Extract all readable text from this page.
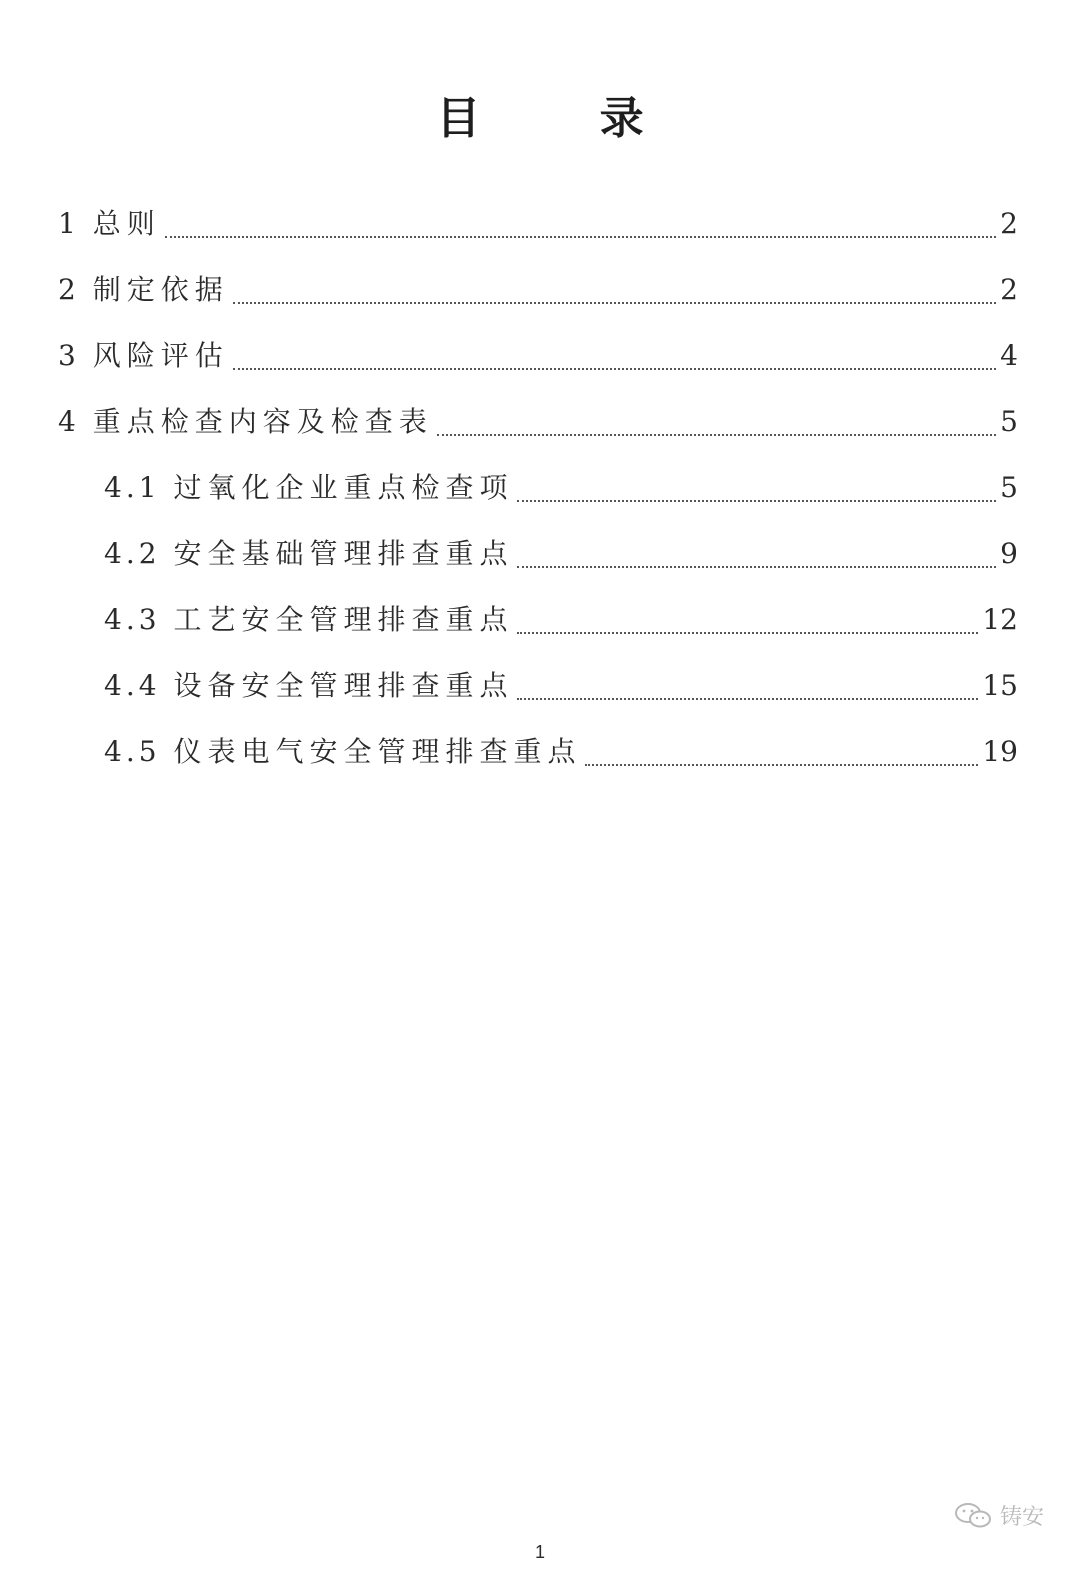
目 录
1 总则	2
2 制定依据	2
3 风险评估	4
4 重点检查内容及检查表	5
4.1 过氧化企业重点检查项	5
4.2 安全基础管理排查重点	9
4.3 工艺安全管理排查重点	12
4.4 设备安全管理排查重点	15
4.5 仪表电气安全管理排查重点	19
铸安
1
